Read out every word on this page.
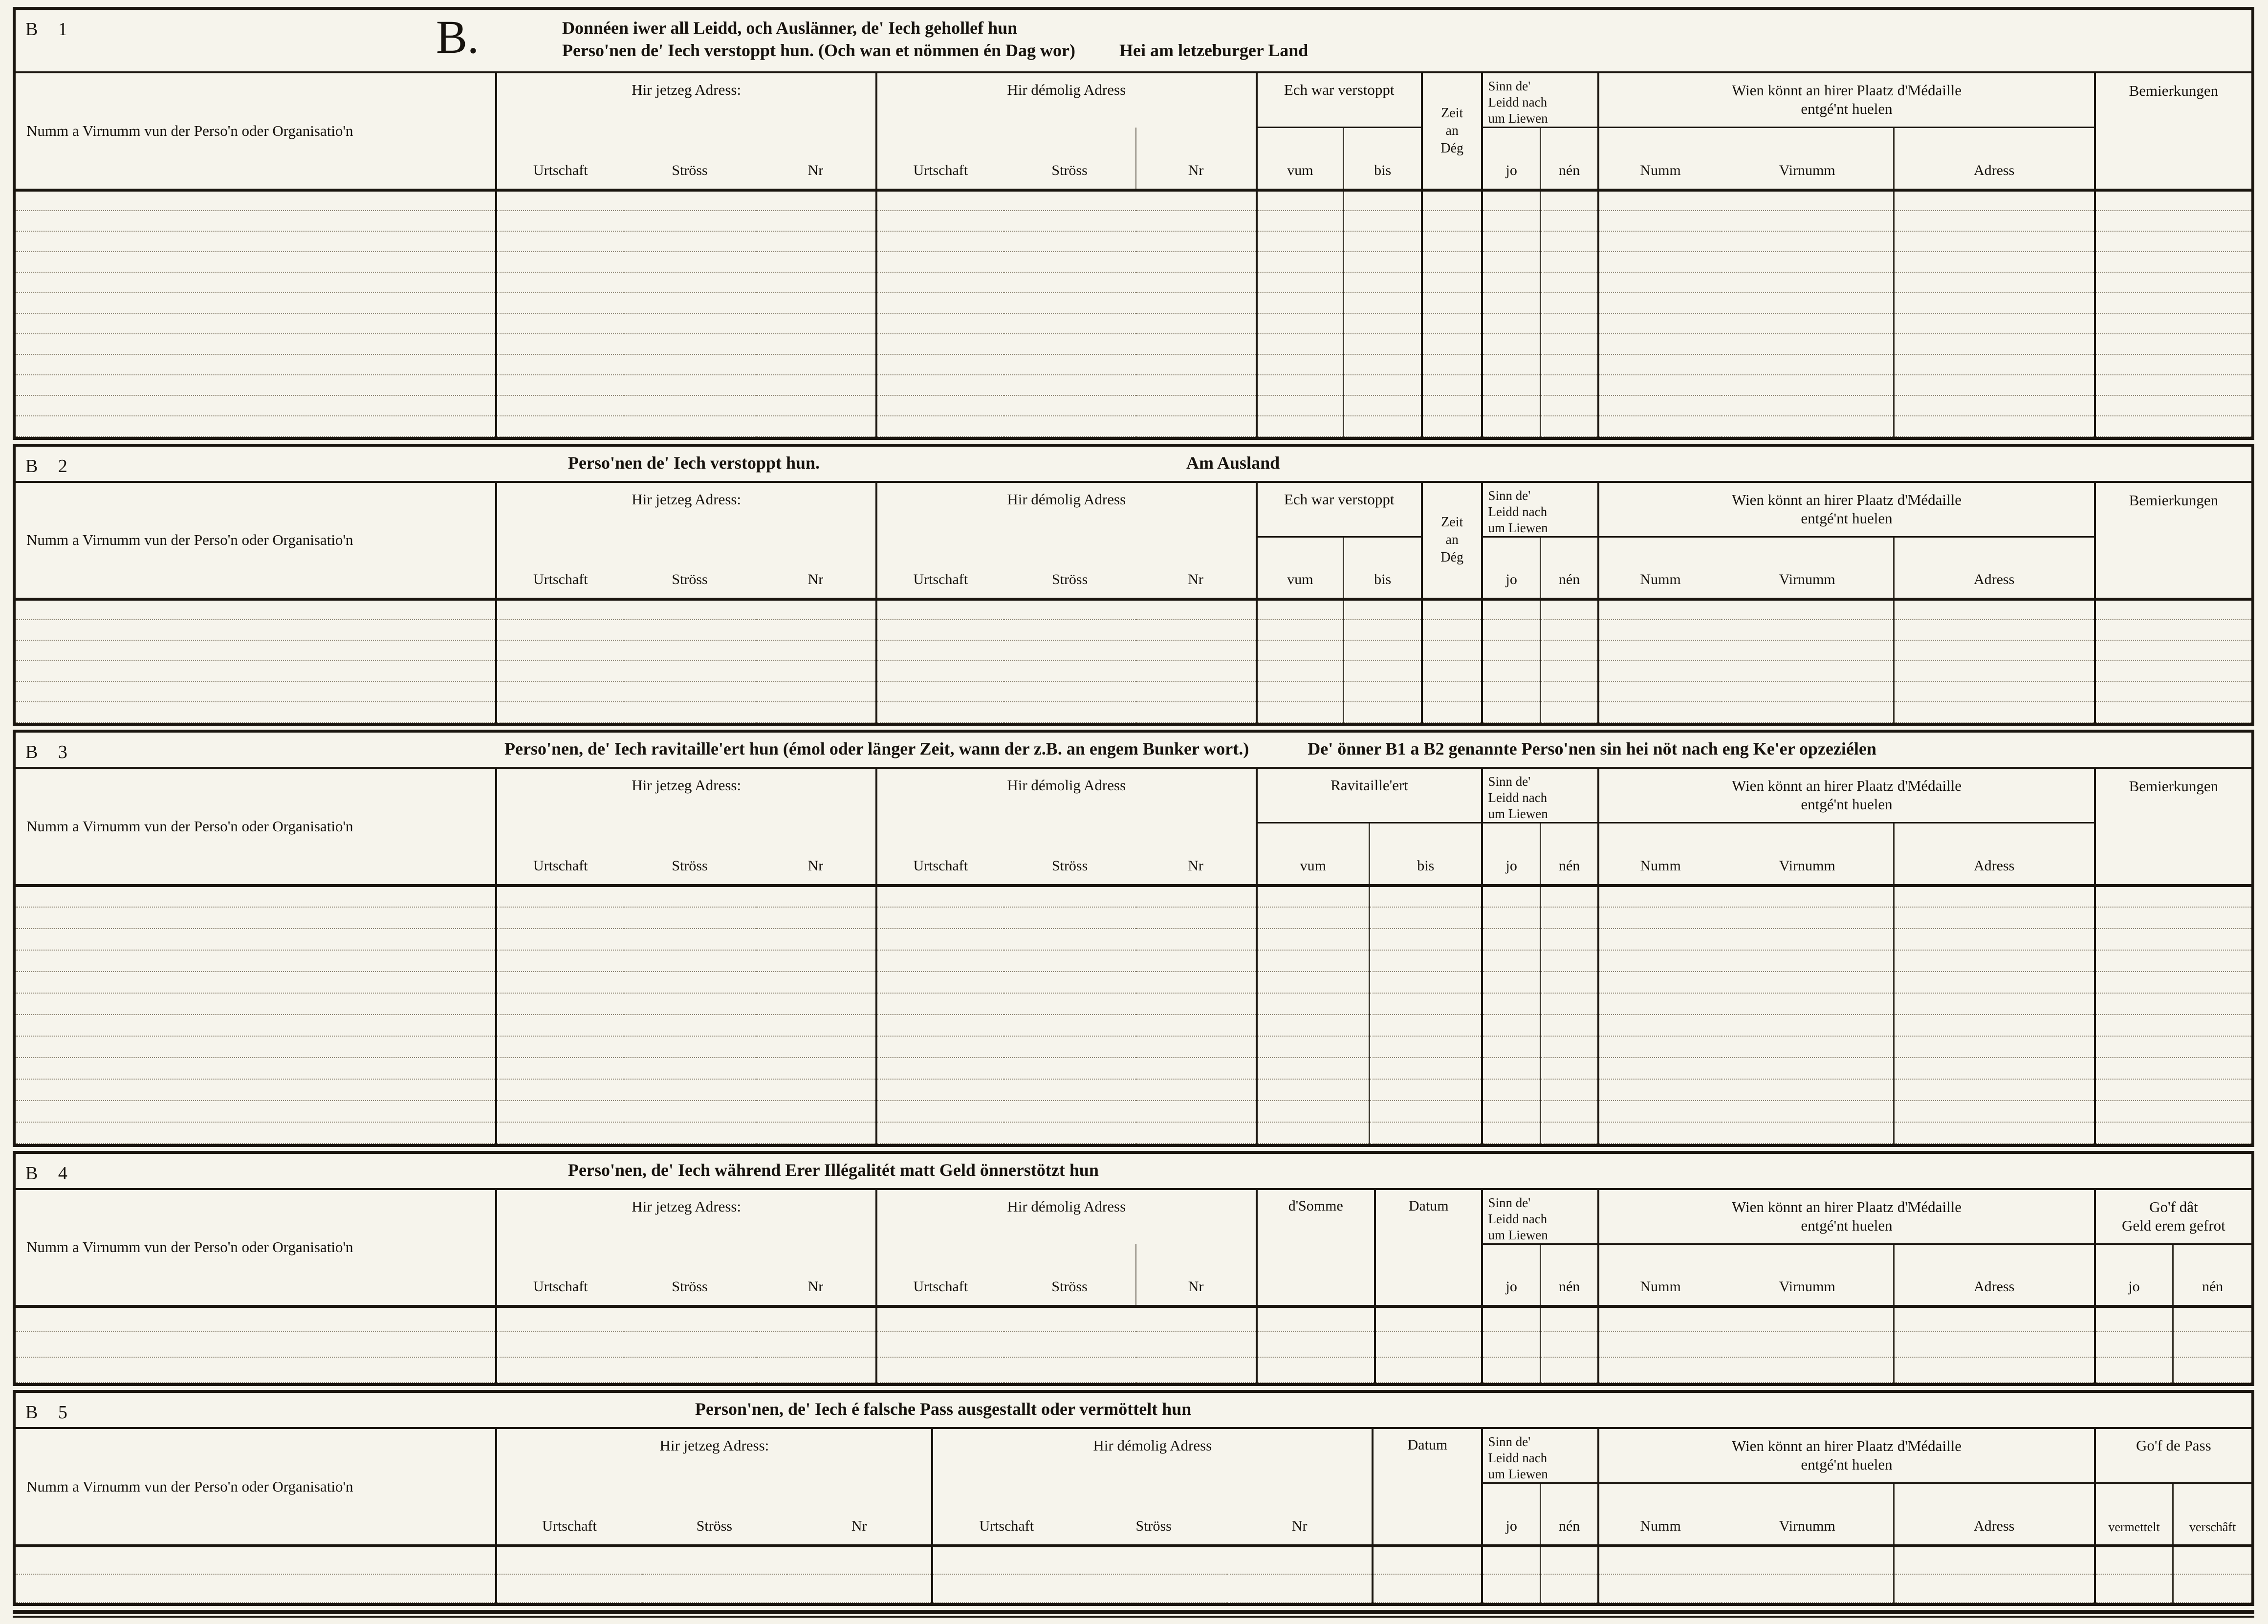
B 1	B.	Donnéen iwer all Leidd, och Auslänner, de' Iech gehollef hun
Perso'nen de' Iech verstoppt hun. (Och wan et nömmen én Dag wor)	Hei am letzeburger Land
Numm a Virnumm vun der Perso'n oder Organisatio'n	Hir jetzeg Adress:			Hir démolig Adress			Ech war verstoppt		Zeit
an
Dég	Sinn de'
Leidd nach
um Liewen		Wien könnt an hirer Plaatz d'Médaille
entgé'nt huelen			Bemierkungen
	Urtschaft	Ströss	Nr	Urtschaft	Ströss	Nr	vum	bis		jo	nén	Numm	Virnumm	Adress	

B 2	Perso'nen de' Iech verstoppt hun.	Am Ausland
Numm a Virnumm vun der Perso'n oder Organisatio'n	Hir jetzeg Adress:			Hir démolig Adress			Ech war verstoppt		Zeit
an
Dég	Sinn de'
Leidd nach
um Liewen		Wien könnt an hirer Plaatz d'Médaille
entgé'nt huelen			Bemierkungen
	Urtschaft	Ströss	Nr	Urtschaft	Ströss	Nr	vum	bis		jo	nén	Numm	Virnumm	Adress	

B 3	Perso'nen, de' Iech ravitaille'ert hun (émol oder länger Zeit, wann der z.B. an engem Bunker wort.)	De' önner B1 a B2 genannte Perso'nen sin hei nöt nach eng Ke'er opzeziélen
Numm a Virnumm vun der Perso'n oder Organisatio'n	Hir jetzeg Adress:			Hir démolig Adress			Ravitaille'ert		Sinn de'
Leidd nach
um Liewen		Wien könnt an hirer Plaatz d'Médaille
entgé'nt huelen			Bemierkungen
	Urtschaft	Ströss	Nr	Urtschaft	Ströss	Nr	vum	bis	jo	nén	Numm	Virnumm	Adress	

B 4	Perso'nen, de' Iech während Erer Illégalitét matt Geld önnerstötzt hun
Numm a Virnumm vun der Perso'n oder Organisatio'n	Hir jetzeg Adress:			Hir démolig Adress			d'Somme	Datum	Sinn de'
Leidd nach
um Liewen		Wien könnt an hirer Plaatz d'Médaille
entgé'nt huelen			Go'f dât
Geld erem gefrot	

	Urtschaft	Ströss	Nr	Urtschaft	Ströss	Nr			jo	nén	Numm	Virnumm	Adress	jo	nén

B 5	Person'nen, de' Iech é falsche Pass ausgestallt oder vermöttelt hun
Numm a Virnumm vun der Perso'n oder Organisatio'n	Hir jetzeg Adress:			Hir démolig Adress			Datum	Sinn de'
Leidd nach
um Liewen		Wien könnt an hirer Plaatz d'Médaille
entgé'nt huelen			Go'f de Pass	
	Urtschaft	Ströss	Nr	Urtschaft	Ströss	Nr		jo	nén	Numm	Virnumm	Adress	vermettelt	verschâft
